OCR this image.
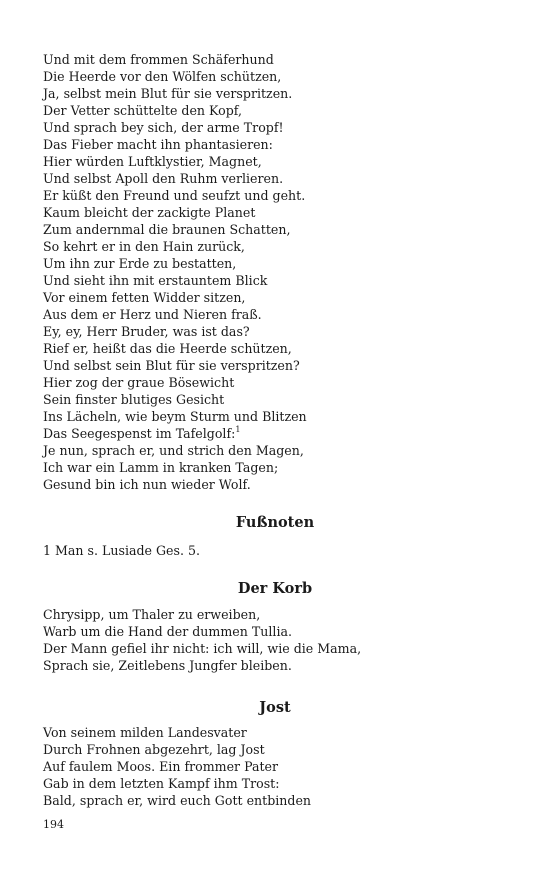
Und mit dem frommen Schäferhund
Die Heerde vor den Wölfen schützen,
Ja, selbst mein Blut für sie verspritzen.
Der Vetter schüttelte den Kopf,
Und sprach bey sich, der arme Tropf!
Das Fieber macht ihn phantasieren:
Hier würden Luftklystier, Magnet,
Und selbst Apoll den Ruhm verlieren.
Er küßt den Freund und seufzt und geht.
Kaum bleicht der zackigte Planet
Zum andernmal die braunen Schatten,
So kehrt er in den Hain zurück,
Um ihn zur Erde zu bestatten,
Und sieht ihn mit erstauntem Blick
Vor einem fetten Widder sitzen,
Aus dem er Herz und Nieren fraß.
Ey, ey, Herr Bruder, was ist das?
Rief er, heißt das die Heerde schützen,
Und selbst sein Blut für sie verspritzen?
Hier zog der graue Bösewicht
Sein finster blutiges Gesicht
Ins Lächeln, wie beym Sturm und Blitzen
Das Seegespenst im Tafelgolf:$^1$
Je nun, sprach er, und strich den Magen,
Ich war ein Lamm in kranken Tagen;
Gesund bin ich nun wieder Wolf.
Fußnoten
1 Man s. Lusiade Ges. 5.
Der Korb
Chrysipp, um Thaler zu erweiben,
Warb um die Hand der dummen Tullia.
Der Mann gefiel ihr nicht: ich will, wie die Mama,
Sprach sie, Zeitlebens Jungfer bleiben.
Jost
Von seinem milden Landesvater
Durch Frohnen abgezehrt, lag Jost
Auf faulem Moos. Ein frommer Pater
Gab in dem letzten Kampf ihm Trost:
Bald, sprach er, wird euch Gott entbinden
194
